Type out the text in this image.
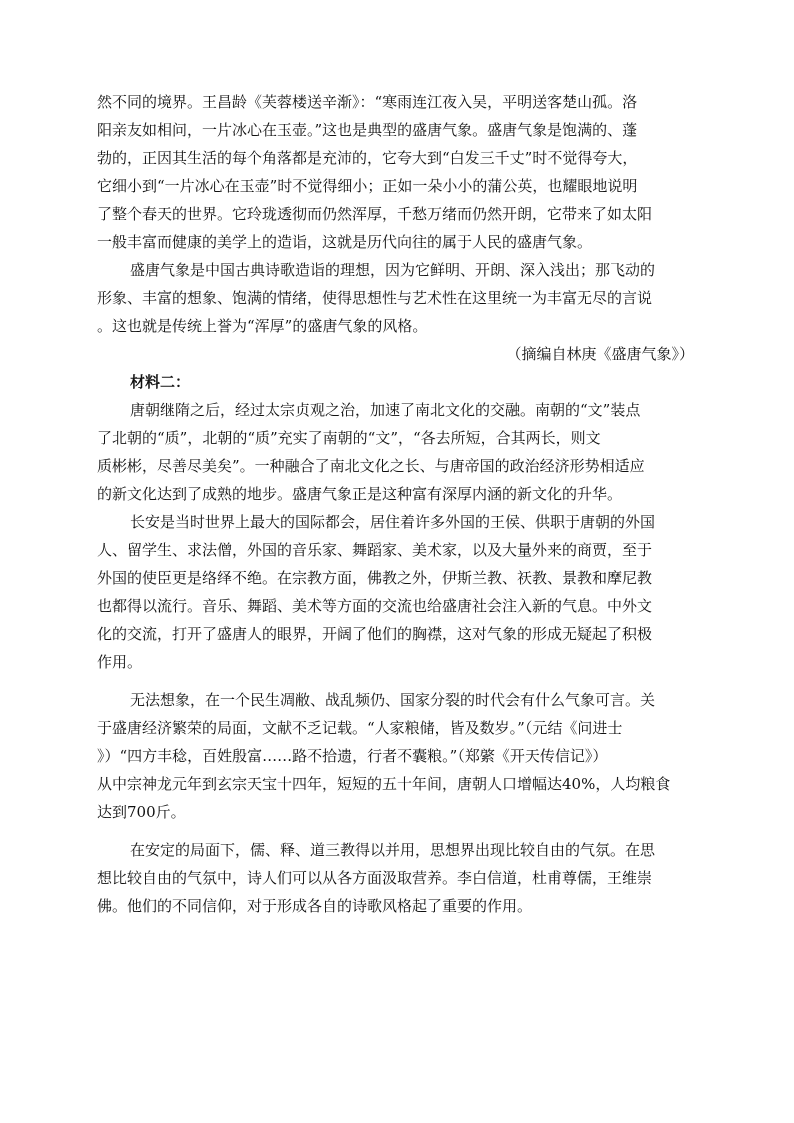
然不同的境界。王昌龄《芙蓉楼送辛渐》：“寒雨连江夜入吴，平明送客楚山孤。洛
阳亲友如相问，一片冰心在玉壶。”这也是典型的盛唐气象。盛唐气象是饱满的、蓬
勃的，正因其生活的每个角落都是充沛的，它夸大到“白发三千丈”时不觉得夸大，
它细小到“一片冰心在玉壶”时不觉得细小；正如一朵小小的蒲公英，也耀眼地说明
了整个春天的世界。它玲珑透彻而仍然浑厚，千愁万绪而仍然开朗，它带来了如太阳
一般丰富而健康的美学上的造诣，这就是历代向往的属于人民的盛唐气象。
盛唐气象是中国古典诗歌造诣的理想，因为它鲜明、开朗、深入浅出；那飞动的
形象、丰富的想象、饱满的情绪，使得思想性与艺术性在这里统一为丰富无尽的言说
。这也就是传统上誉为“浑厚”的盛唐气象的风格。
（摘编自林庚《盛唐气象》）
材料二：
唐朝继隋之后，经过太宗贞观之治，加速了南北文化的交融。南朝的“文”装点
了北朝的“质”，北朝的“质”充实了南朝的“文”，“各去所短，合其两长，则文
质彬彬，尽善尽美矣”。一种融合了南北文化之长、与唐帝国的政治经济形势相适应
的新文化达到了成熟的地步。盛唐气象正是这种富有深厚内涵的新文化的升华。
长安是当时世界上最大的国际都会，居住着许多外国的王侯、供职于唐朝的外国
人、留学生、求法僧，外国的音乐家、舞蹈家、美术家，以及大量外来的商贾，至于
外国的使臣更是络绎不绝。在宗教方面，佛教之外，伊斯兰教、祆教、景教和摩尼教
也都得以流行。音乐、舞蹈、美术等方面的交流也给盛唐社会注入新的气息。中外文
化的交流，打开了盛唐人的眼界，开阔了他们的胸襟，这对气象的形成无疑起了积极
作用。
无法想象，在一个民生凋敝、战乱频仍、国家分裂的时代会有什么气象可言。关
于盛唐经济繁荣的局面，文献不乏记载。“人家粮储，皆及数岁。”（元结《问进士
》）“四方丰稔，百姓殷富……路不拾遗，行者不囊粮。”（郑綮《开天传信记》）
从中宗神龙元年到玄宗天宝十四年，短短的五十年间，唐朝人口增幅达40%，人均粮食
达到700斤。
在安定的局面下，儒、释、道三教得以并用，思想界出现比较自由的气氛。在思
想比较自由的气氛中，诗人们可以从各方面汲取营养。李白信道，杜甫尊儒，王维崇
佛。他们的不同信仰，对于形成各自的诗歌风格起了重要的作用。
